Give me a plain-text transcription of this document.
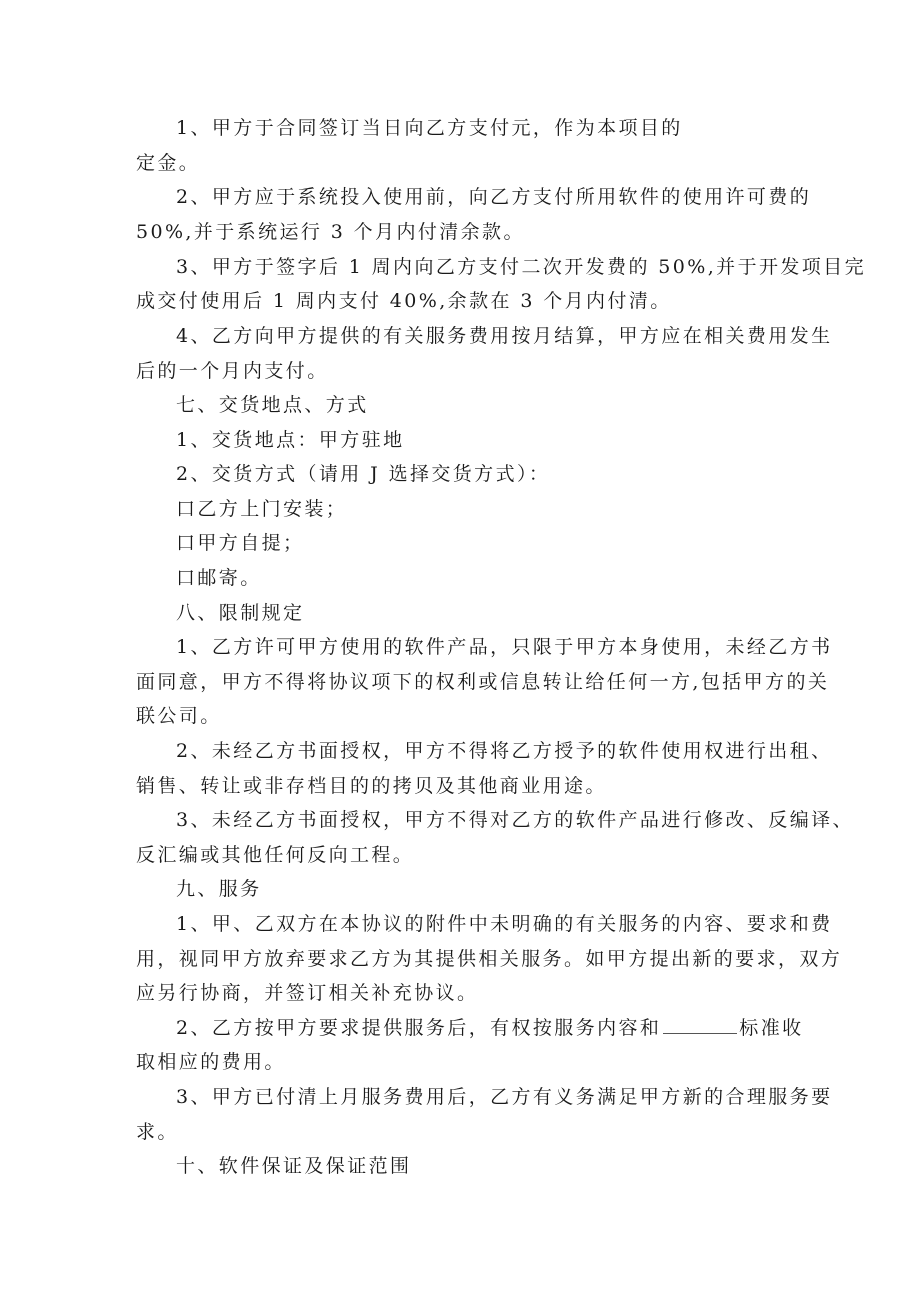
1、甲方于合同签订当日向乙方支付元，作为本项目的
定金。
2、甲方应于系统投入使用前，向乙方支付所用软件的使用许可费的
50%,并于系统运行 3 个月内付清余款。
3、甲方于签字后 1 周内向乙方支付二次开发费的 50%,并于开发项目完
成交付使用后 1 周内支付 40%,余款在 3 个月内付清。
4、乙方向甲方提供的有关服务费用按月结算，甲方应在相关费用发生
后的一个月内支付。
七、交货地点、方式
1、交货地点：甲方驻地
2、交货方式（请用 J 选择交货方式）：
口乙方上门安装；
口甲方自提；
口邮寄。
八、限制规定
1、乙方许可甲方使用的软件产品，只限于甲方本身使用，未经乙方书
面同意，甲方不得将协议项下的权利或信息转让给任何一方,包括甲方的关
联公司。
2、未经乙方书面授权，甲方不得将乙方授予的软件使用权进行出租、
销售、转让或非存档目的的拷贝及其他商业用途。
3、未经乙方书面授权，甲方不得对乙方的软件产品进行修改、反编译、
反汇编或其他任何反向工程。
九、服务
1、甲、乙双方在本协议的附件中未明确的有关服务的内容、要求和费
用，视同甲方放弃要求乙方为其提供相关服务。如甲方提出新的要求，双方
应另行协商，并签订相关补充协议。
2、乙方按甲方要求提供服务后，有权按服务内容和	标准收
取相应的费用。
3、甲方已付清上月服务费用后，乙方有义务满足甲方新的合理服务要
求。
十、软件保证及保证范围
